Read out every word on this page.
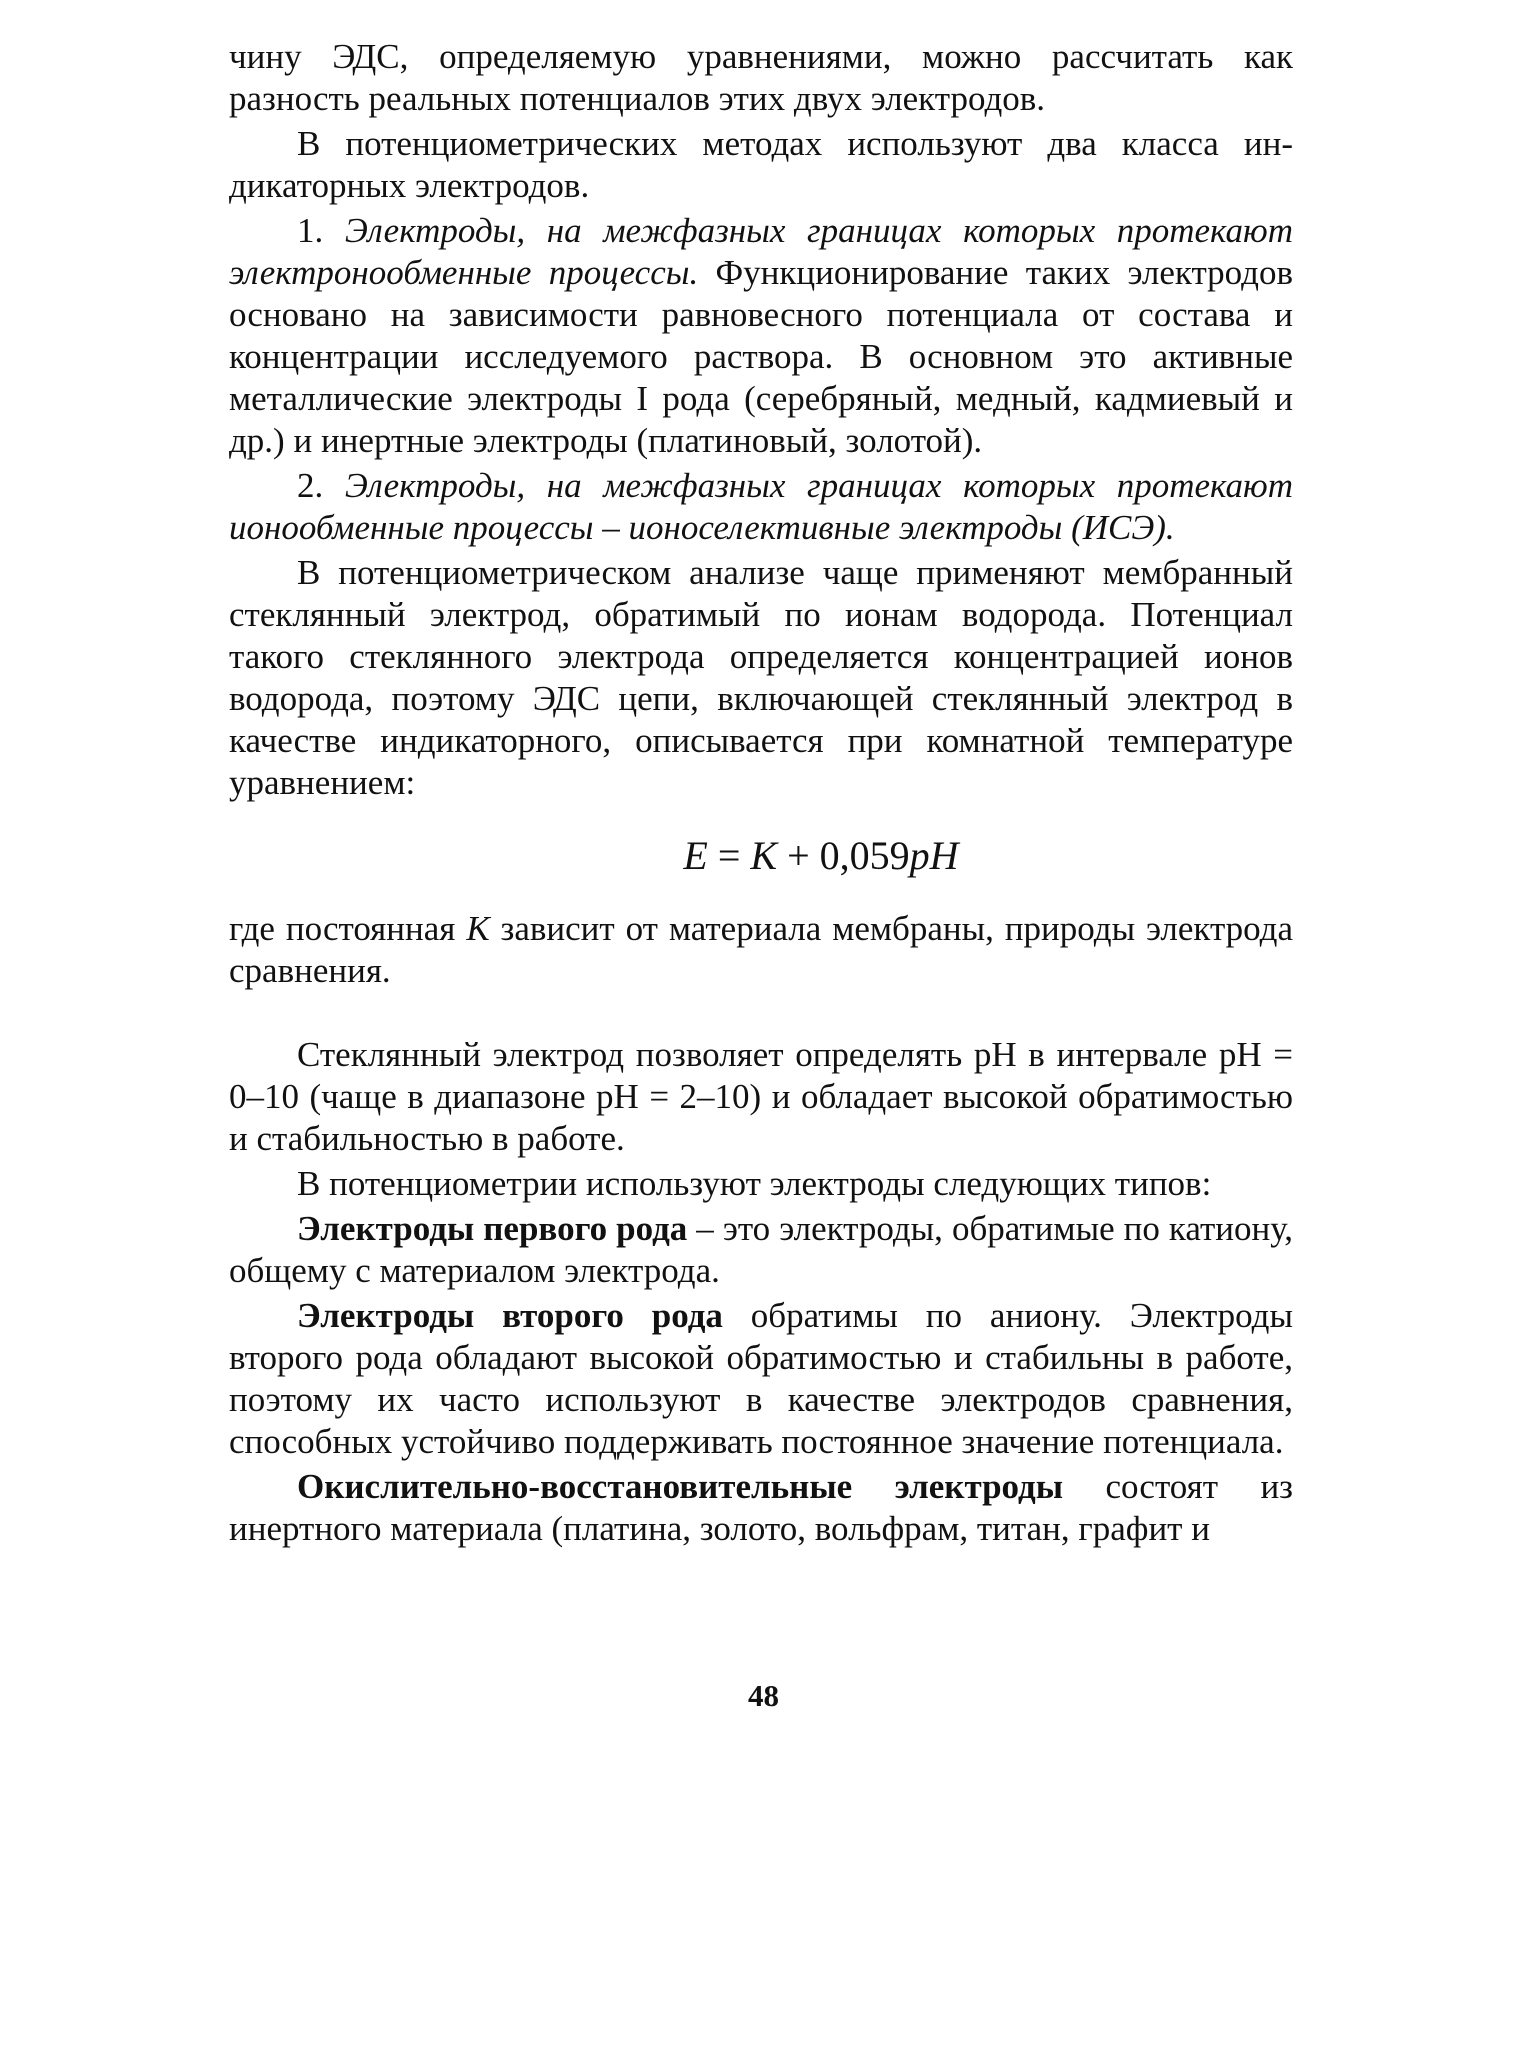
чину ЭДС, определяемую уравнениями, можно рассчитать как разность реальных потенциалов этих двух электродов.

В потенциометрических методах используют два класса индикаторных электродов.

1. Электроды, на межфазных границах которых протекают электронообменные процессы. Функционирование таких электродов основано на зависимости равновесного потенциала от состава и концентрации исследуемого раствора. В основном это активные металлические электроды I рода (серебряный, медный, кадмиевый и др.) и инертные электроды (платиновый, золотой).

2. Электроды, на межфазных границах которых протекают ионообменные процессы – ионоселективные электроды (ИСЭ).

В потенциометрическом анализе чаще применяют мембранный стеклянный электрод, обратимый по ионам водорода. Потенциал такого стеклянного электрода определяется концентрацией ионов водорода, поэтому ЭДС цепи, включающей стеклянный электрод в качестве индикаторного, описывается при комнатной температуре уравнением:

E = K + 0,059pH

где постоянная К зависит от материала мембраны, природы электрода сравнения.

Стеклянный электрод позволяет определять pH в интервале pH = 0–10 (чаще в диапазоне pH = 2–10) и обладает высокой обратимостью и стабильностью в работе.

В потенциометрии используют электроды следующих типов:

Электроды первого рода – это электроды, обратимые по катиону, общему с материалом электрода.

Электроды второго рода обратимы по аниону. Электроды второго рода обладают высокой обратимостью и стабильны в работе, поэтому их часто используют в качестве электродов сравнения, способных устойчиво поддерживать постоянное значение потенциала.

Окислительно-восстановительные электроды состоят из инертного материала (платина, золото, вольфрам, титан, графит и

48
